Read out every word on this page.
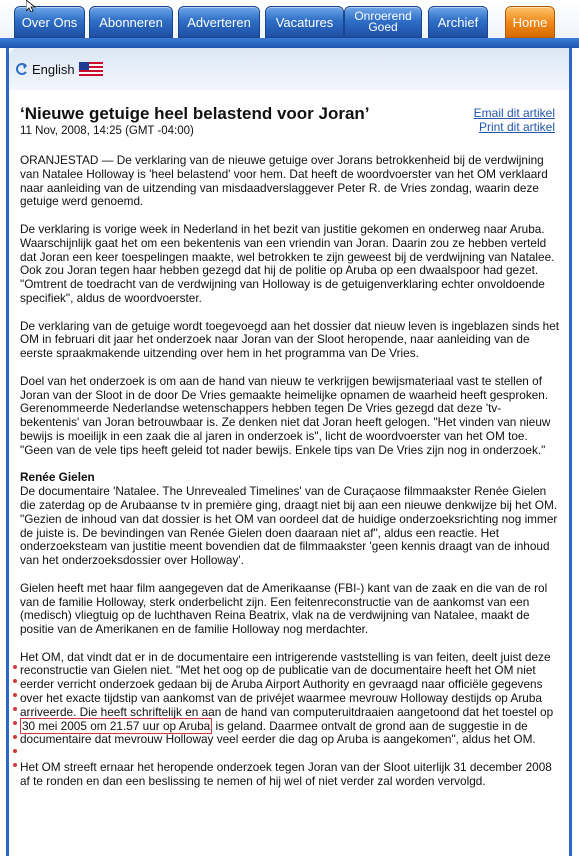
Over Ons	Abonneren	Adverteren	Vacatures	Onroerend Goed	Archief	Home
English
‘Nieuwe getuige heel belastend voor Joran’
11 Nov, 2008, 14:25 (GMT -04:00)
Email dit artikel
Print dit artikel

ORANJESTAD — De verklaring van de nieuwe getuige over Jorans betrokkenheid bij de verdwijning van Natalee Holloway is 'heel belastend' voor hem. Dat heeft de woordvoerster van het OM verklaard naar aanleiding van de uitzending van misdaadverslaggever Peter R. de Vries zondag, waarin deze getuige werd genoemd.

De verklaring is vorige week in Nederland in het bezit van justitie gekomen en onderweg naar Aruba. Waarschijnlijk gaat het om een bekentenis van een vriendin van Joran. Daarin zou ze hebben verteld dat Joran een keer toespelingen maakte, wel betrokken te zijn geweest bij de verdwijning van Natalee. Ook zou Joran tegen haar hebben gezegd dat hij de politie op Aruba op een dwaalspoor had gezet. "Omtrent de toedracht van de verdwijning van Holloway is de getuigenverklaring echter onvoldoende specifiek", aldus de woordvoerster.

De verklaring van de getuige wordt toegevoegd aan het dossier dat nieuw leven is ingeblazen sinds het OM in februari dit jaar het onderzoek naar Joran van der Sloot heropende, naar aanleiding van de eerste spraakmakende uitzending over hem in het programma van De Vries.

Doel van het onderzoek is om aan de hand van nieuw te verkrijgen bewijsmateriaal vast te stellen of Joran van der Sloot in de door De Vries gemaakte heimelijke opnamen de waarheid heeft gesproken. Gerenommeerde Nederlandse wetenschappers hebben tegen De Vries gezegd dat deze 'tv-bekentenis' van Joran betrouwbaar is. Ze denken niet dat Joran heeft gelogen. "Het vinden van nieuw bewijs is moeilijk in een zaak die al jaren in onderzoek is", licht de woordvoerster van het OM toe. "Geen van de vele tips heeft geleid tot nader bewijs. Enkele tips van De Vries zijn nog in onderzoek."

Renée Gielen

De documentaire 'Natalee. The Unrevealed Timelines' van de Curaçaose filmmaakster Renée Gielen die zaterdag op de Arubaanse tv in première ging, draagt niet bij aan een nieuwe denkwijze bij het OM. "Gezien de inhoud van dat dossier is het OM van oordeel dat de huidige onderzoeksrichting nog immer de juiste is. De bevindingen van Renée Gielen doen daaraan niet af", aldus een reactie. Het onderzoeksteam van justitie meent bovendien dat de filmmaakster 'geen kennis draagt van de inhoud van het onderzoeksdossier over Holloway'.

Gielen heeft met haar film aangegeven dat de Amerikaanse (FBI-) kant van de zaak en die van de rol van de familie Holloway, sterk onderbelicht zijn. Een feitenreconstructie van de aankomst van een (medisch) vliegtuig op de luchthaven Reina Beatrix, vlak na de verdwijning van Natalee, maakt de positie van de Amerikanen en de familie Holloway nog merdachter.

Het OM, dat vindt dat er in de documentaire een intrigerende vaststelling is van feiten, deelt juist deze reconstructie van Gielen niet. "Met het oog op de publicatie van de documentaire heeft het OM niet eerder verricht onderzoek gedaan bij de Aruba Airport Authority en gevraagd naar officiële gegevens over het exacte tijdstip van aankomst van de privéjet waarmee mevrouw Holloway destijds op Aruba arriveerde. Die heeft schriftelijk en aan de hand van computeruitdraaien aangetoond dat het toestel op 30 mei 2005 om 21.57 uur op Aruba is geland. Daarmee ontvalt de grond aan de suggestie in de documentaire dat mevrouw Holloway veel eerder die dag op Aruba is aangekomen", aldus het OM.

Het OM streeft ernaar het heropende onderzoek tegen Joran van der Sloot uiterlijk 31 december 2008 af te ronden en dan een beslissing te nemen of hij wel of niet verder zal worden vervolgd.
